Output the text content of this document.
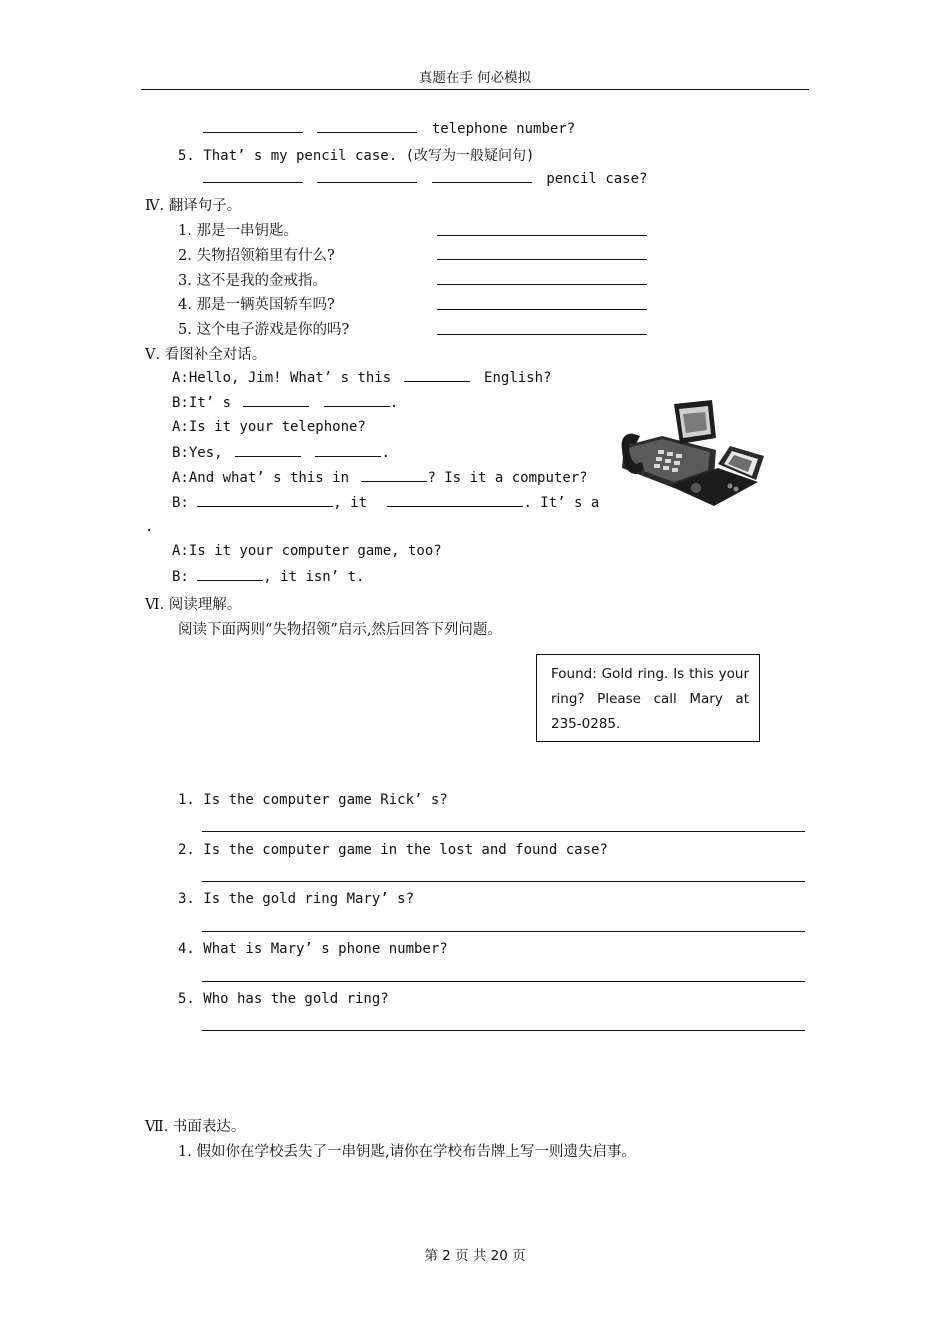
真题在手 何必模拟
telephone number?
5. That’ s my pencil case. (改写为一般疑问句)
pencil case?
Ⅳ. 翻译句子。
1. 那是一串钥匙。
2. 失物招领箱里有什么?
3. 这不是我的金戒指。
4. 那是一辆英国轿车吗?
5. 这个电子游戏是你的吗?
Ⅴ. 看图补全对话。
A:Hello, Jim! What’ s this	English?
B:It’ s	.
A:Is it your telephone?
B:Yes,	.
A:And what’ s this in	? Is it a computer?
B:	, it	. It’ s a
.
A:Is it your computer game, too?
B:	, it isn’ t.
Ⅵ. 阅读理解。
阅读下面两则“失物招领”启示,然后回答下列问题。
Found: Gold ring. Is this your ring? Please call Mary at 235-0285.
1. Is the computer game Rick’ s?
2. Is the computer game in the lost and found case?
3. Is the gold ring Mary’ s?
4. What is Mary’ s phone number?
5. Who has the gold ring?
Ⅶ. 书面表达。
1. 假如你在学校丢失了一串钥匙,请你在学校布告牌上写一则遗失启事。
第 2 页 共 20 页
